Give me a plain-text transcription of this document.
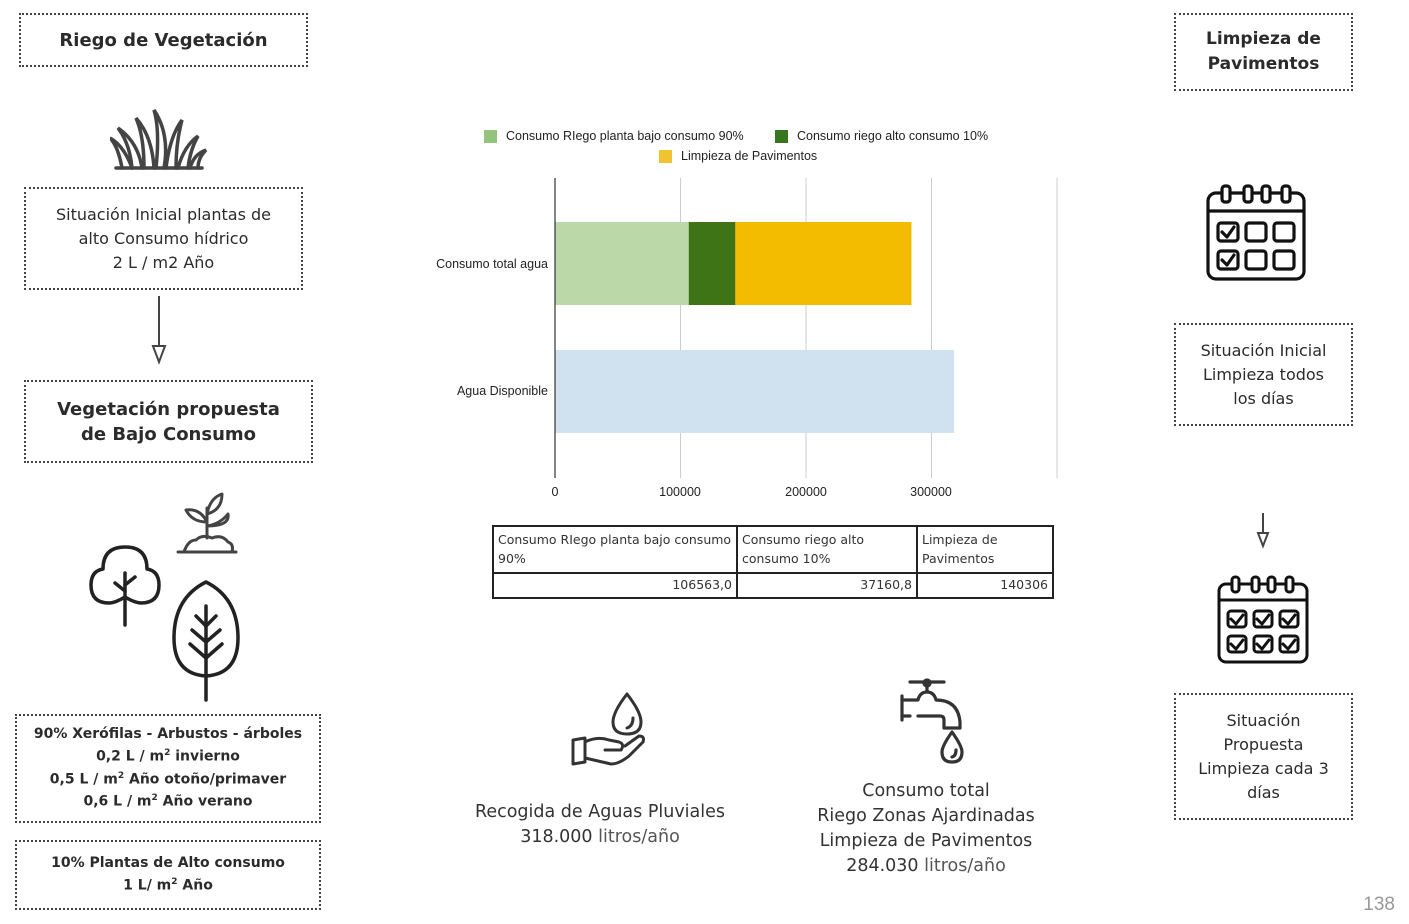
Riego de Vegetación
Situación Inicial plantas de
alto Consumo hídrico
2 L / m2 Año
Vegetación propuesta
de Bajo Consumo
90% Xerófilas - Arbustos - árboles
0,2 L / $m^2$ invierno
0,5 L / $m^2$ Año otoño/primaver
0,6 L / $m^2$ Año verano
10% Plantas de Alto consumo
1 L/ $m^2$ Año
Consumo RIego planta bajo consumo 90%	Consumo riego alto consumo 10%
Limpieza de Pavimentos
Consumo total agua
Agua Disponible
0	100000	200000	300000
Consumo RIego planta bajo consumo 90%	Consumo riego alto consumo 10%	Limpieza de Pavimentos
106563,0	37160,8	140306
Recogida de Aguas Pluviales
318.000 litros/año
Consumo total
Riego Zonas Ajardinadas
Limpieza de Pavimentos
284.030 litros/año
Limpieza de
Pavimentos
Situación Inicial
Limpieza todos
los días
Situación
Propuesta
Limpieza cada 3
días
138
